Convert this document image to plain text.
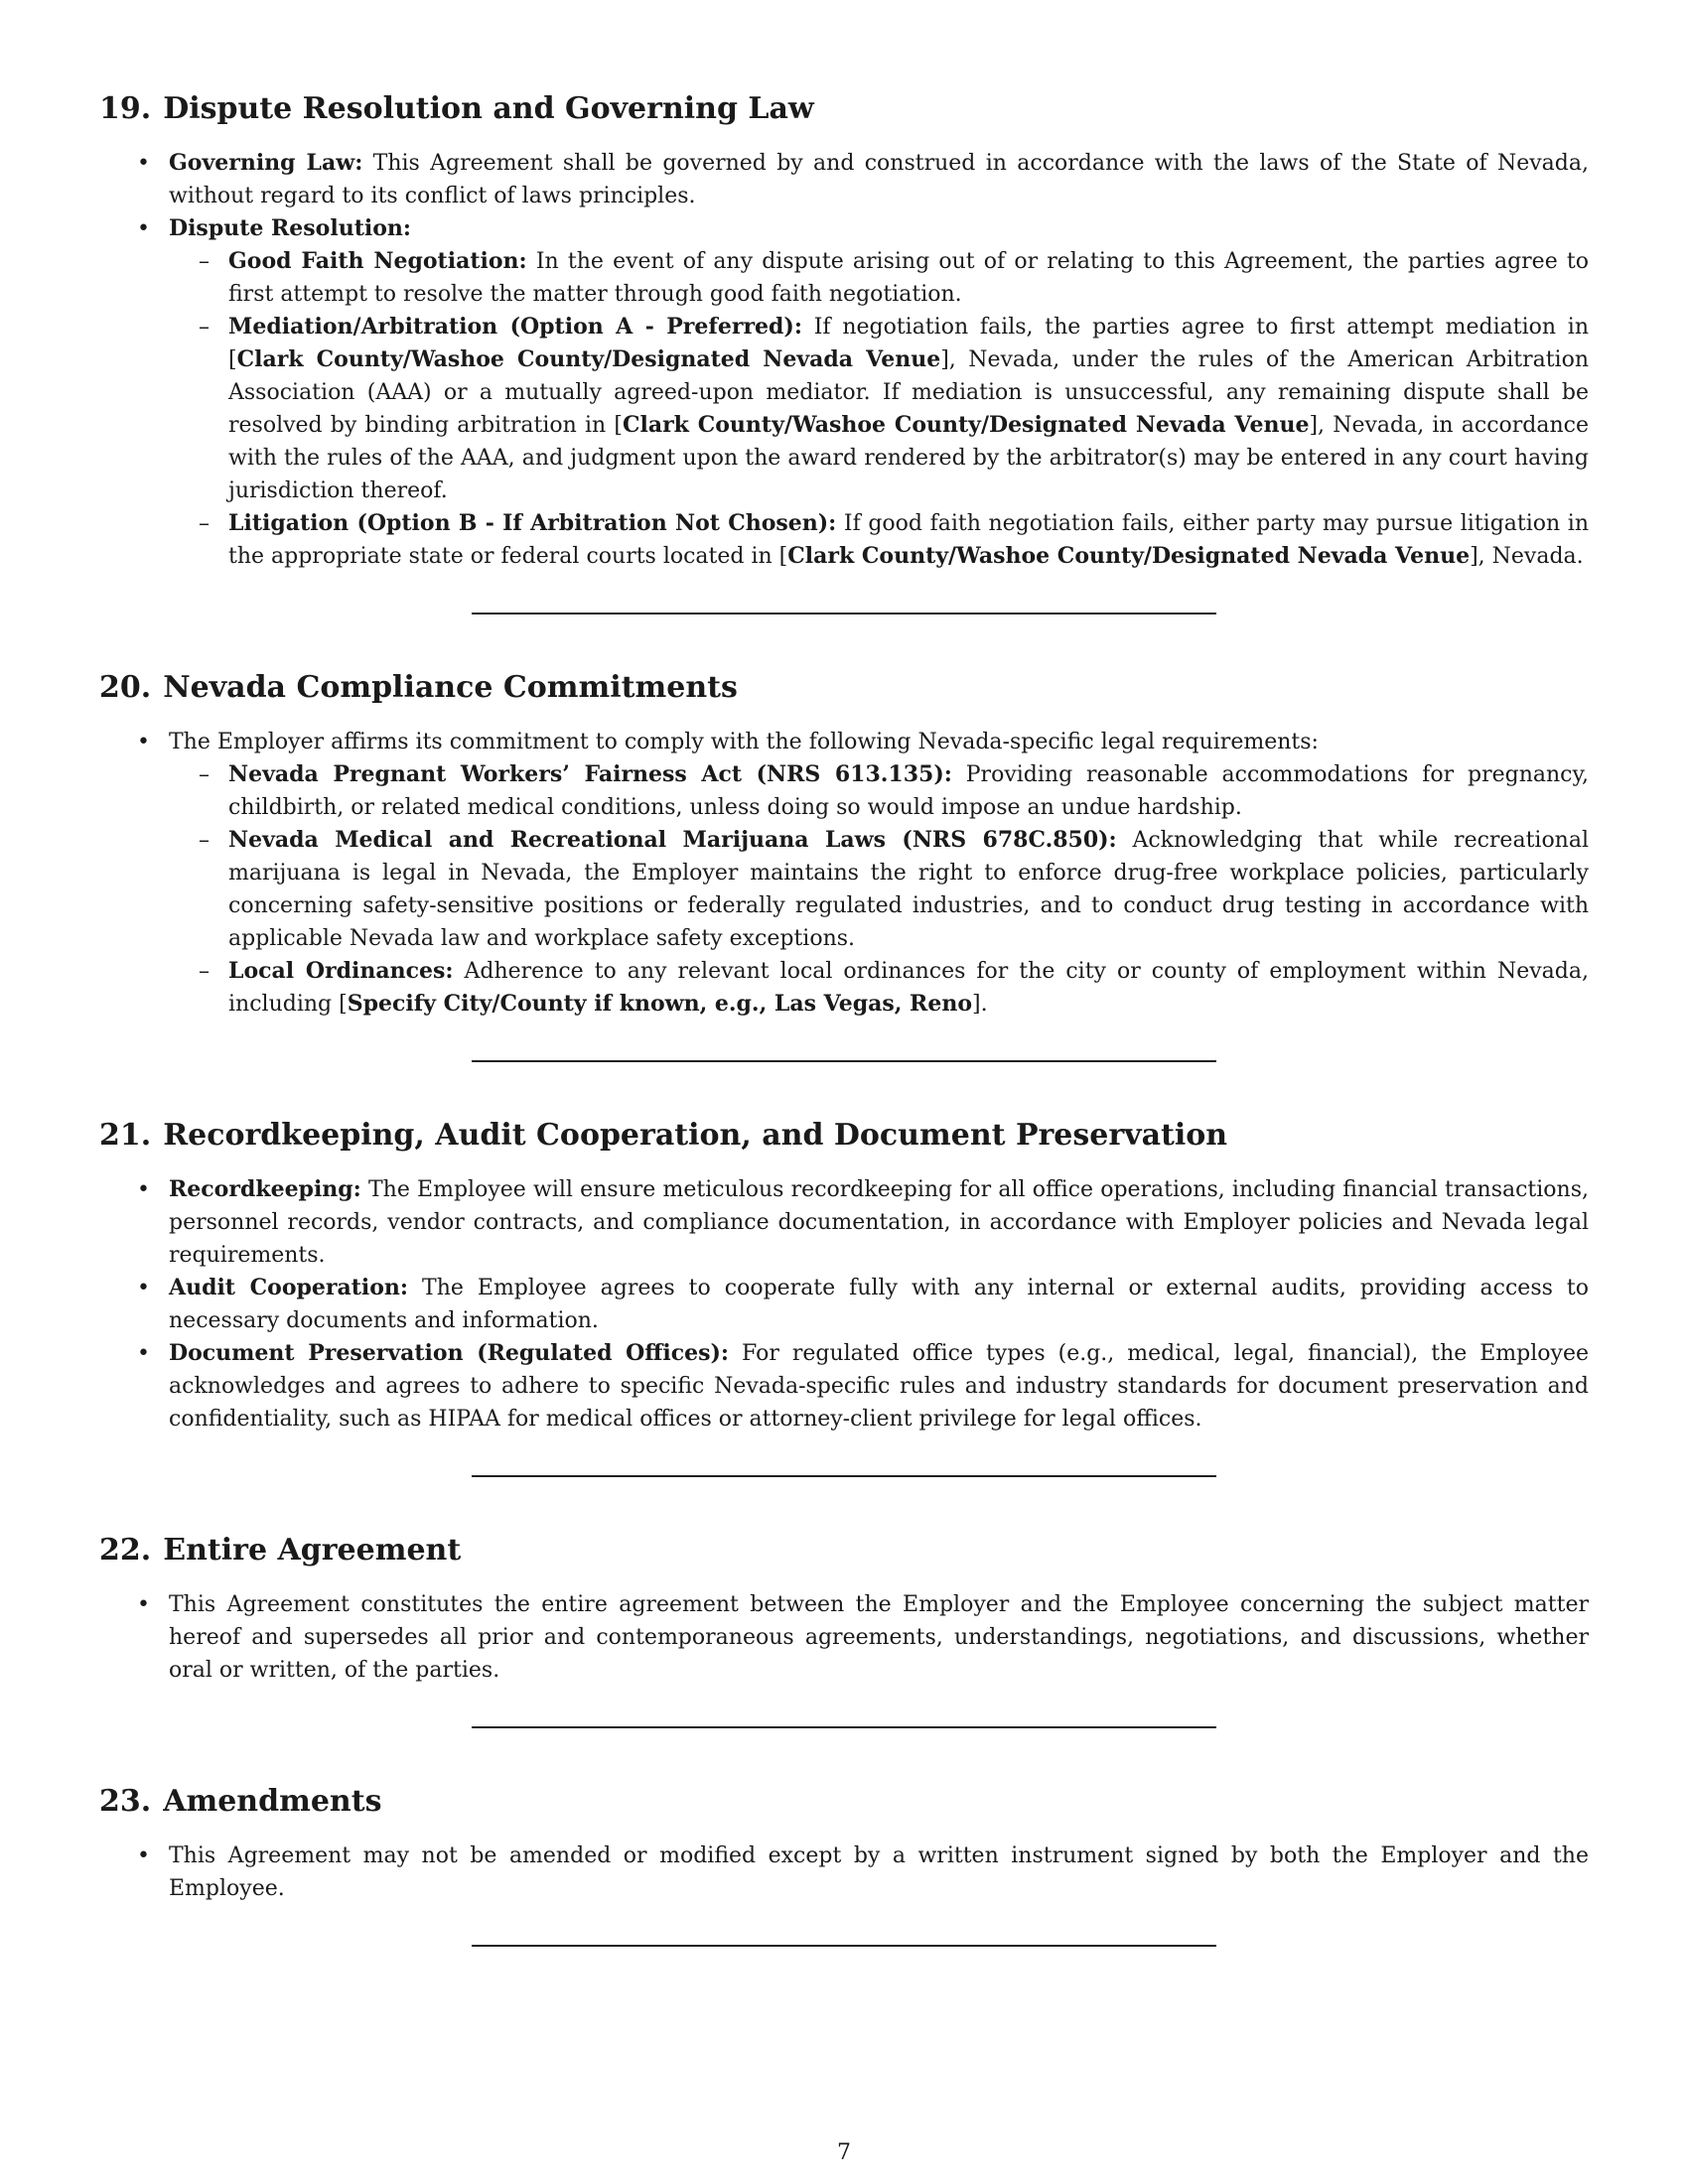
19. Dispute Resolution and Governing Law
• Governing Law: This Agreement shall be governed by and construed in accordance with the laws of the State of Nevada, without regard to its conflict of laws principles.
• Dispute Resolution:
– Good Faith Negotiation: In the event of any dispute arising out of or relating to this Agreement, the parties agree to first attempt to resolve the matter through good faith negotiation.
– Mediation/Arbitration (Option A - Preferred): If negotiation fails, the parties agree to first attempt mediation in [Clark County/Washoe County/Designated Nevada Venue], Nevada, under the rules of the American Arbitration Association (AAA) or a mutually agreed-upon mediator. If mediation is unsuccessful, any remaining dispute shall be resolved by binding arbitration in [Clark County/Washoe County/Designated Nevada Venue], Nevada, in accordance with the rules of the AAA, and judgment upon the award rendered by the arbitrator(s) may be entered in any court having jurisdiction thereof.
– Litigation (Option B - If Arbitration Not Chosen): If good faith negotiation fails, either party may pursue litigation in the appropriate state or federal courts located in [Clark County/Washoe County/Designated Nevada Venue], Nevada.
20. Nevada Compliance Commitments
• The Employer affirms its commitment to comply with the following Nevada-specific legal requirements:
– Nevada Pregnant Workers’ Fairness Act (NRS 613.135): Providing reasonable accommodations for pregnancy, childbirth, or related medical conditions, unless doing so would impose an undue hardship.
– Nevada Medical and Recreational Marijuana Laws (NRS 678C.850): Acknowledging that while recreational marijuana is legal in Nevada, the Employer maintains the right to enforce drug-free workplace policies, particularly concerning safety-sensitive positions or federally regulated industries, and to conduct drug testing in accordance with applicable Nevada law and workplace safety exceptions.
– Local Ordinances: Adherence to any relevant local ordinances for the city or county of employment within Nevada, including [Specify City/County if known, e.g., Las Vegas, Reno].
21. Recordkeeping, Audit Cooperation, and Document Preservation
• Recordkeeping: The Employee will ensure meticulous recordkeeping for all office operations, including financial transactions, personnel records, vendor contracts, and compliance documentation, in accordance with Employer policies and Nevada legal requirements.
• Audit Cooperation: The Employee agrees to cooperate fully with any internal or external audits, providing access to necessary documents and information.
• Document Preservation (Regulated Offices): For regulated office types (e.g., medical, legal, financial), the Employee acknowledges and agrees to adhere to specific Nevada-specific rules and industry standards for document preservation and confidentiality, such as HIPAA for medical offices or attorney-client privilege for legal offices.
22. Entire Agreement
• This Agreement constitutes the entire agreement between the Employer and the Employee concerning the subject matter hereof and supersedes all prior and contemporaneous agreements, understandings, negotiations, and discussions, whether oral or written, of the parties.
23. Amendments
• This Agreement may not be amended or modified except by a written instrument signed by both the Employer and the Employee.
7
